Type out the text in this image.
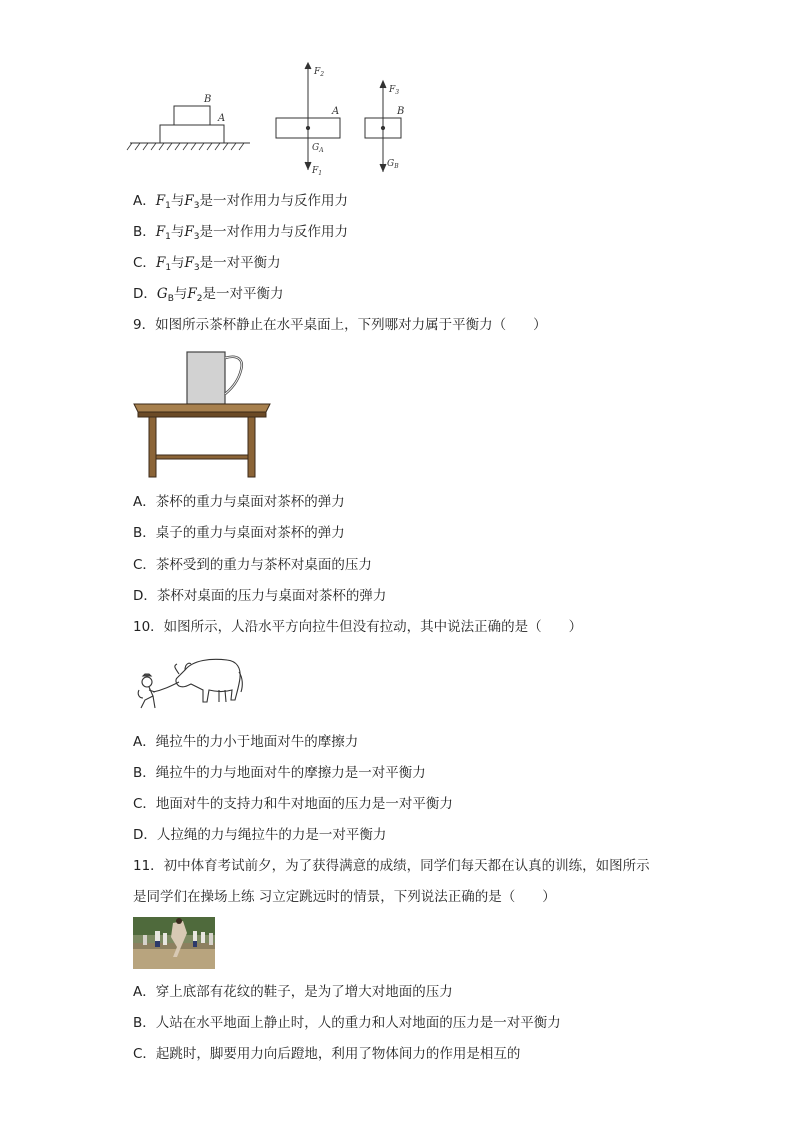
B
A
$F_2$
A
$G_A$
$F_1$
$F_3$
B
$G_B$
A．$F_1$与$F_3$是一对作用力与反作用力
B．$F_1$与$F_3$是一对作用力与反作用力
C．$F_1$与$F_3$是一对平衡力
D．$G_B$与$F_2$是一对平衡力
9．如图所示茶杯静止在水平桌面上，下列哪对力属于平衡力（　　）
A．茶杯的重力与桌面对茶杯的弹力
B．桌子的重力与桌面对茶杯的弹力
C．茶杯受到的重力与茶杯对桌面的压力
D．茶杯对桌面的压力与桌面对茶杯的弹力
10．如图所示，人沿水平方向拉牛但没有拉动，其中说法正确的是（　　）
A．绳拉牛的力小于地面对牛的摩擦力
B．绳拉牛的力与地面对牛的摩擦力是一对平衡力
C．地面对牛的支持力和牛对地面的压力是一对平衡力
D．人拉绳的力与绳拉牛的力是一对平衡力
11．初中体育考试前夕，为了获得满意的成绩，同学们每天都在认真的训练，如图所示
是同学们在操场上练 习立定跳远时的情景，下列说法正确的是（　　）
A．穿上底部有花纹的鞋子，是为了增大对地面的压力
B．人站在水平地面上静止时，人的重力和人对地面的压力是一对平衡力
C．起跳时，脚要用力向后蹬地，利用了物体间力的作用是相互的
